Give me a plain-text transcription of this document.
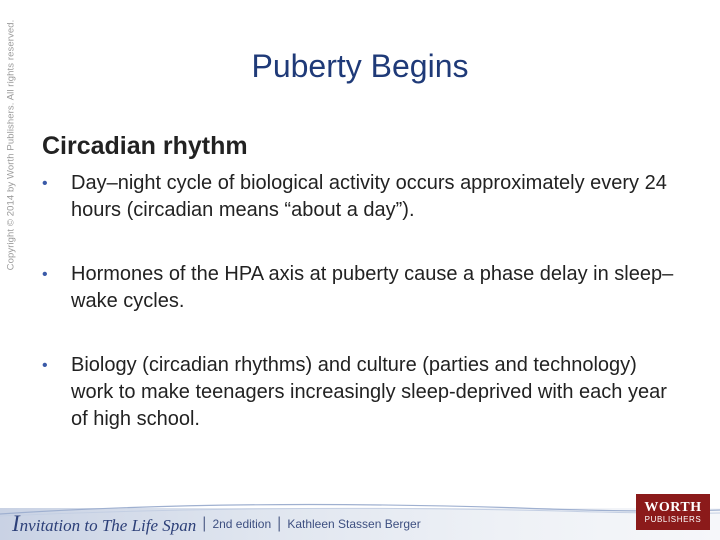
Copyright © 2014 by Worth Publishers. All rights reserved.	Puberty Begins
Circadian rhythm
• Day–night cycle of biological activity occurs approximately every 24 hours (circadian means “about a day”).
• Hormones of the HPA axis at puberty cause a phase delay in sleep–wake cycles.
• Biology (circadian rhythms) and culture (parties and technology) work to make teenagers increasingly sleep-deprived with each year of high school.
Invitation to The Life Span | 2nd edition | Kathleen Stassen Berger
WORTH
PUBLISHERS
